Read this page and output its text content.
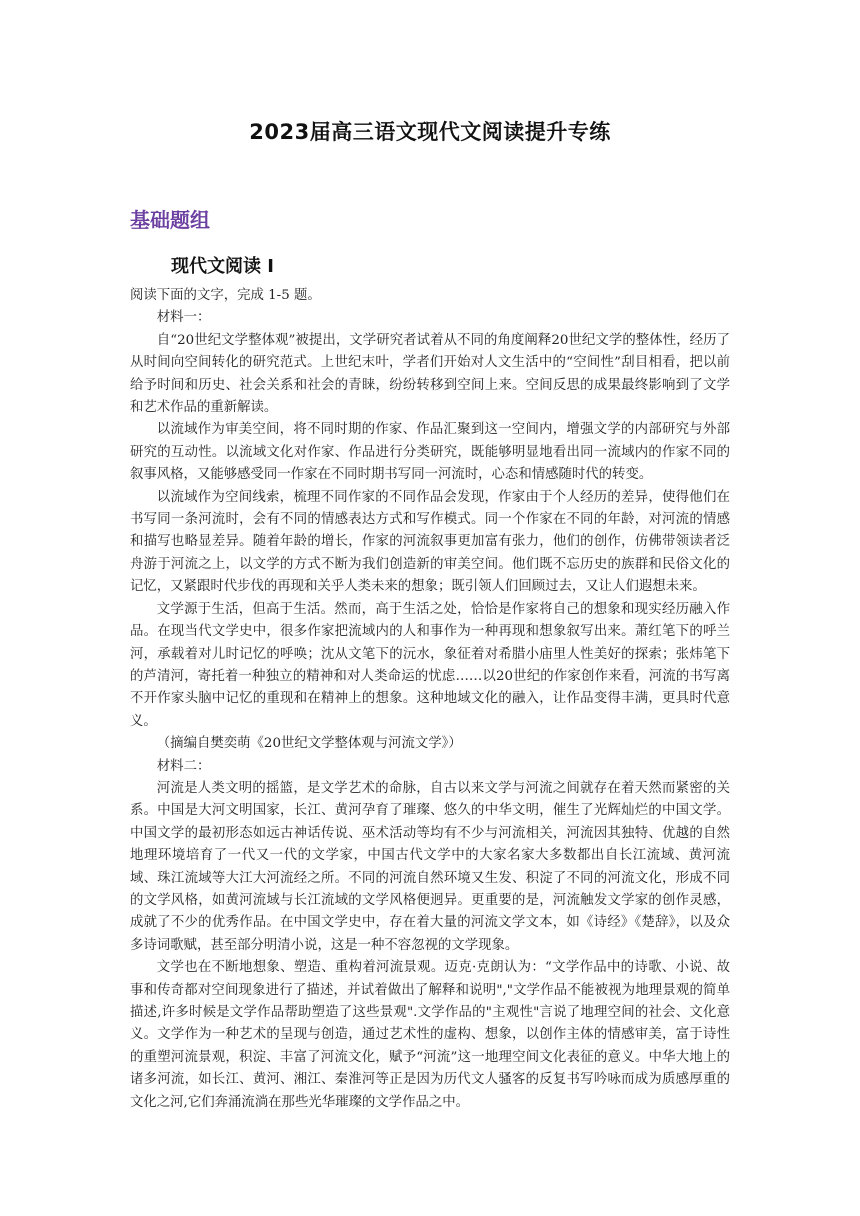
2023届高三语文现代文阅读提升专练
基础题组
现代文阅读 I

阅读下面的文字，完成 1-5 题。

材料一：

自“20世纪文学整体观”被提出，文学研究者试着从不同的角度阐释20世纪文学的整体性，经历了从时间向空间转化的研究范式。上世纪末叶，学者们开始对人文生活中的“空间性”刮目相看，把以前给予时间和历史、社会关系和社会的青睐，纷纷转移到空间上来。空间反思的成果最终影响到了文学和艺术作品的重新解读。

以流域作为审美空间，将不同时期的作家、作品汇聚到这一空间内，增强文学的内部研究与外部研究的互动性。以流域文化对作家、作品进行分类研究，既能够明显地看出同一流域内的作家不同的叙事风格，又能够感受同一作家在不同时期书写同一河流时，心态和情感随时代的转变。

以流域作为空间线索，梳理不同作家的不同作品会发现，作家由于个人经历的差异，使得他们在书写同一条河流时，会有不同的情感表达方式和写作模式。同一个作家在不同的年龄，对河流的情感和描写也略显差异。随着年龄的增长，作家的河流叙事更加富有张力，他们的创作，仿佛带领读者泛舟游于河流之上，以文学的方式不断为我们创造新的审美空间。他们既不忘历史的族群和民俗文化的记忆，又紧跟时代步伐的再现和关乎人类未来的想象；既引领人们回顾过去，又让人们遐想未来。

文学源于生活，但高于生活。然而，高于生活之处，恰恰是作家将自己的想象和现实经历融入作品。在现当代文学史中，很多作家把流域内的人和事作为一种再现和想象叙写出来。萧红笔下的呼兰河，承载着对儿时记忆的呼唤；沈从文笔下的沅水，象征着对希腊小庙里人性美好的探索；张炜笔下的芦清河，寄托着一种独立的精神和对人类命运的忧虑……以20世纪的作家创作来看，河流的书写离不开作家头脑中记忆的重现和在精神上的想象。这种地域文化的融入，让作品变得丰满，更具时代意义。

（摘编自樊奕萌《20世纪文学整体观与河流文学》）

材料二：

河流是人类文明的摇篮，是文学艺术的命脉，自古以来文学与河流之间就存在着天然而紧密的关系。中国是大河文明国家，长江、黄河孕育了璀璨、悠久的中华文明，催生了光辉灿烂的中国文学。中国文学的最初形态如远古神话传说、巫术活动等均有不少与河流相关，河流因其独特、优越的自然地理环境培育了一代又一代的文学家，中国古代文学中的大家名家大多数都出自长江流域、黄河流域、珠江流域等大江大河流经之所。不同的河流自然环境又生发、积淀了不同的河流文化，形成不同的文学风格，如黄河流域与长江流域的文学风格便迥异。更重要的是，河流触发文学家的创作灵感，成就了不少的优秀作品。在中国文学史中，存在着大量的河流文学文本，如《诗经》《楚辞》，以及众多诗词歌赋，甚至部分明清小说，这是一种不容忽视的文学现象。

文学也在不断地想象、塑造、重构着河流景观。迈克·克朗认为：“文学作品中的诗歌、小说、故事和传奇都对空间现象进行了描述，并试着做出了解释和说明","文学作品不能被视为地理景观的简单描述,许多时候是文学作品帮助塑造了这些景观".文学作品的"主观性"言说了地理空间的社会、文化意义。文学作为一种艺术的呈现与创造，通过艺术性的虚构、想象，以创作主体的情感审美，富于诗性的重塑河流景观，积淀、丰富了河流文化，赋予“河流”这一地理空间文化表征的意义。中华大地上的诸多河流，如长江、黄河、湘江、秦淮河等正是因为历代文人骚客的反复书写吟咏而成为质感厚重的文化之河,它们奔涌流淌在那些光华璀璨的文学作品之中。
